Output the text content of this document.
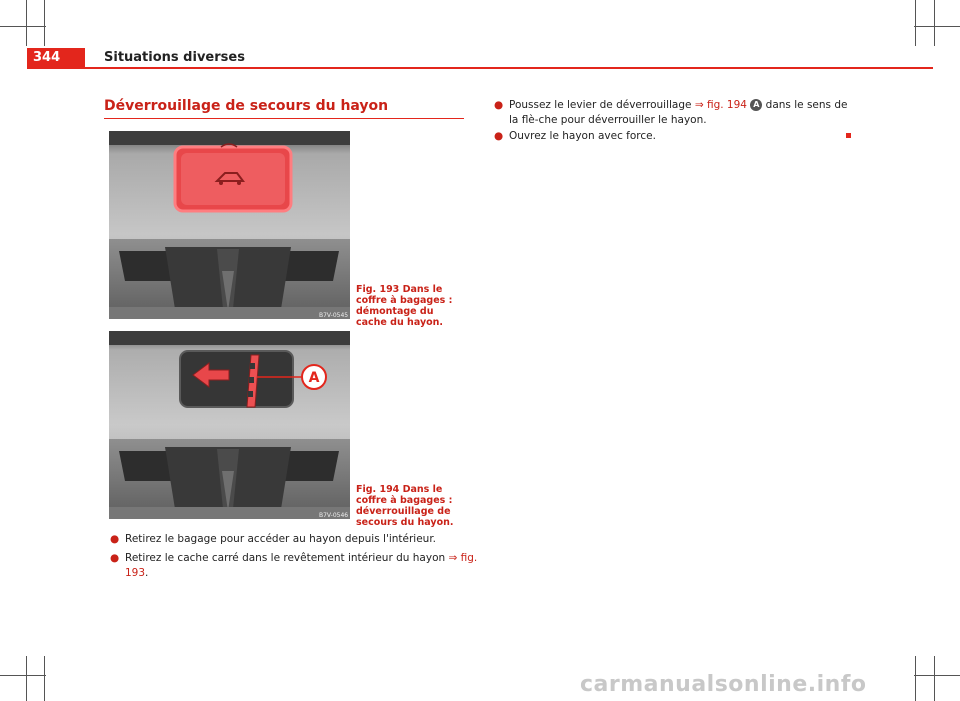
344	Situations diverses
Déverrouillage de secours du hayon
B7V-0545
Fig. 193 Dans le coffre à bagages : démontage du cache du hayon.
A
B7V-0546
Fig. 194 Dans le coffre à bagages : déverrouillage de secours du hayon.
● Retirez le bagage pour accéder au hayon depuis l'intérieur.
● Retirez le cache carré dans le revêtement intérieur du hayon ⇒ fig. 193.
● Poussez le levier de déverrouillage ⇒ fig. 194 A dans le sens de la flè-che pour déverrouiller le hayon.
● Ouvrez le hayon avec force.
carmanualsonline.info
